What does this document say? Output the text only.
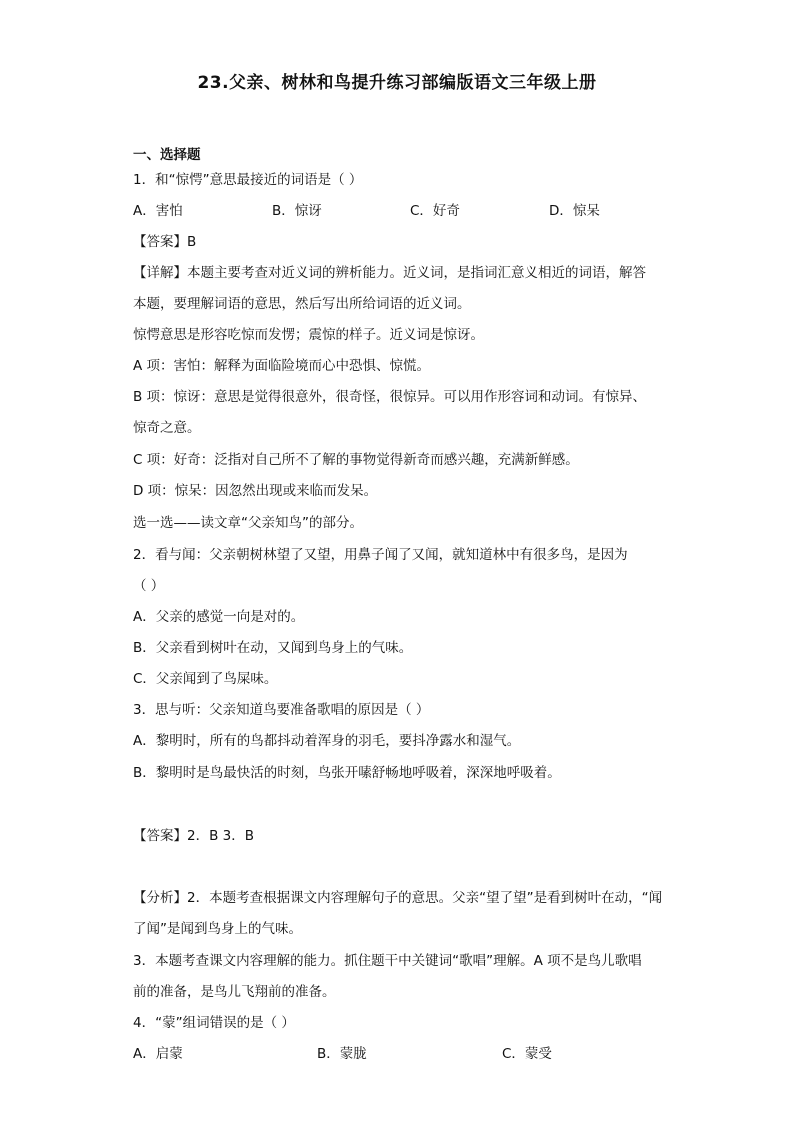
23.父亲、树林和鸟提升练习部编版语文三年级上册
一、选择题
1．和“惊愕”意思最接近的词语是（ ）
A．害怕	B．惊讶	C．好奇	D．惊呆
【答案】B
【详解】本题主要考查对近义词的辨析能力。近义词，是指词汇意义相近的词语，解答
本题，要理解词语的意思，然后写出所给词语的近义词。
惊愕意思是形容吃惊而发愣；震惊的样子。近义词是惊讶。
A 项：害怕：解释为面临险境而心中恐惧、惊慌。
B 项：惊讶：意思是觉得很意外，很奇怪，很惊异。可以用作形容词和动词。有惊异、
惊奇之意。
C 项：好奇：泛指对自己所不了解的事物觉得新奇而感兴趣，充满新鲜感。
D 项：惊呆：因忽然出现或来临而发呆。
选一选——读文章“父亲知鸟”的部分。
2．看与闻：父亲朝树林望了又望，用鼻子闻了又闻，就知道林中有很多鸟，是因为
（ ）
A．父亲的感觉一向是对的。
B．父亲看到树叶在动，又闻到鸟身上的气味。
C．父亲闻到了鸟屎味。
3．思与听：父亲知道鸟要准备歌唱的原因是（ ）
A．黎明时，所有的鸟都抖动着浑身的羽毛，要抖净露水和湿气。
B．黎明时是鸟最快活的时刻，鸟张开嗉舒畅地呼吸着，深深地呼吸着。
【答案】2．B 3．B
【分析】2．本题考查根据课文内容理解句子的意思。父亲“望了望”是看到树叶在动，“闻
了闻”是闻到鸟身上的气味。
3．本题考查课文内容理解的能力。抓住题干中关键词“歌唱”理解。A 项不是鸟儿歌唱
前的准备，是鸟儿飞翔前的准备。
4．“蒙”组词错误的是（ ）
A．启蒙	B．蒙胧	C．蒙受
